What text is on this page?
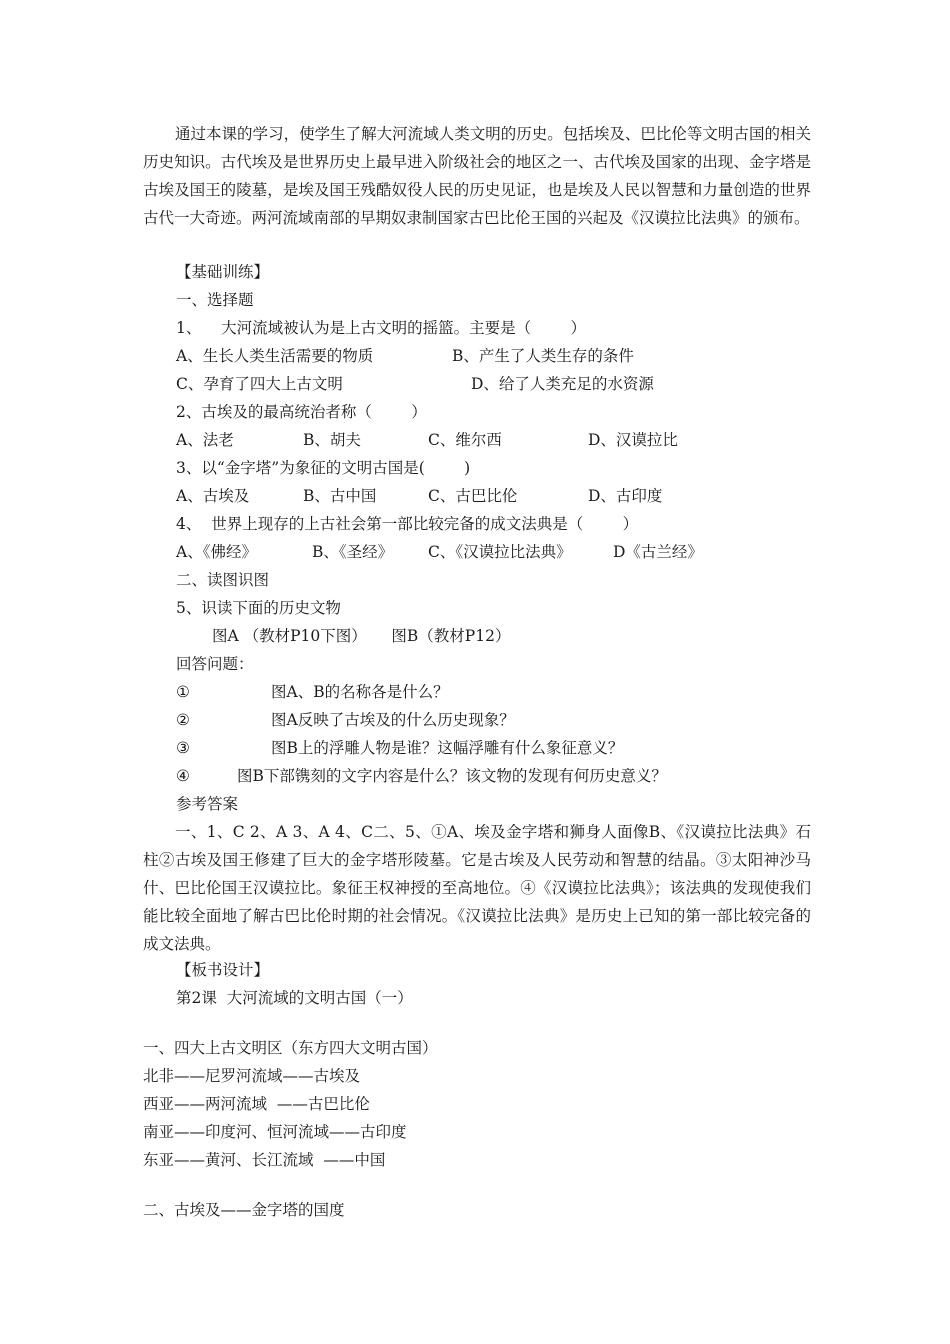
通过本课的学习，使学生了解大河流域人类文明的历史。包括埃及、巴比伦等文明古国的相关历史知识。古代埃及是世界历史上最早进入阶级社会的地区之一、古代埃及国家的出现、金字塔是古埃及国王的陵墓，是埃及国王残酷奴役人民的历史见证，也是埃及人民以智慧和力量创造的世界古代一大奇迹。两河流域南部的早期奴隶制国家古巴比伦王国的兴起及《汉谟拉比法典》的颁布。
【基础训练】
一、选择题
1、    大河流域被认为是上古文明的摇篮。主要是（        ）
A、生长人类生活需要的物质	B、产生了人类生存的条件
C、孕育了四大上古文明	D、给了人类充足的水资源
2、古埃及的最高统治者称（        ）
A、法老	B、胡夫	C、维尔西	D、汉谟拉比
3、以“金字塔”为象征的文明古国是(        )
A、古埃及	B、古中国	C、古巴比伦	D、古印度
4、  世界上现存的上古社会第一部比较完备的成文法典是（        ）
A、《佛经》	B、《圣经》 C、《汉谟拉比法典》	D《古兰经》
二、读图识图
5、识读下面的历史文物
图A （教材P10下图）     图B（教材P12）
回答问题：
①	图A、B的名称各是什么？
②	图A反映了古埃及的什么历史现象？
③	图B上的浮雕人物是谁？这幅浮雕有什么象征意义？
④	图B下部镌刻的文字内容是什么？该文物的发现有何历史意义？
参考答案
一、1、C 2、A 3、A 4、C二、5、①A、埃及金字塔和狮身人面像B、《汉谟拉比法典》石柱②古埃及国王修建了巨大的金字塔形陵墓。它是古埃及人民劳动和智慧的结晶。③太阳神沙马什、巴比伦国王汉谟拉比。象征王权神授的至高地位。④《汉谟拉比法典》；该法典的发现使我们能比较全面地了解古巴比伦时期的社会情况。《汉谟拉比法典》是历史上已知的第一部比较完备的成文法典。
【板书设计】
第2课  大河流域的文明古国（一）
一、四大上古文明区（东方四大文明古国）
北非——尼罗河流域——古埃及
西亚——两河流域  ——古巴比伦
南亚——印度河、恒河流域——古印度
东亚——黄河、长江流域  ——中国
二、古埃及——金字塔的国度
